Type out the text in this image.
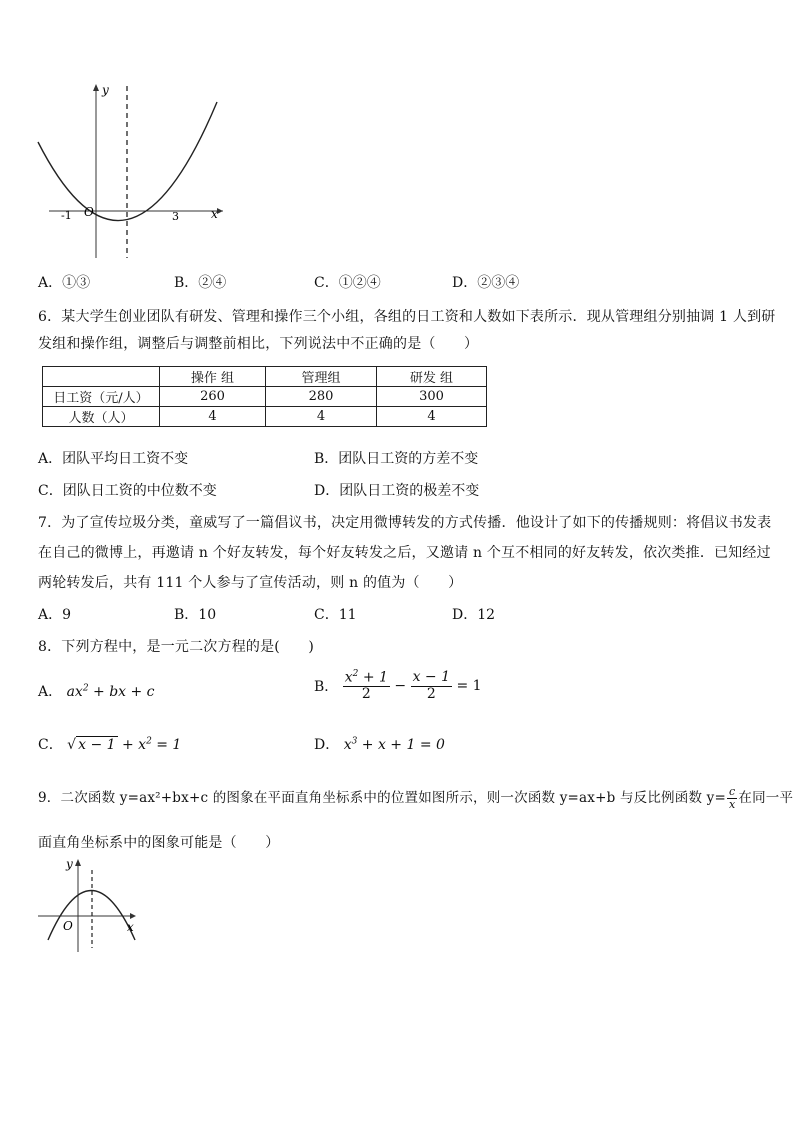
y
x
O
-1	3
A．①③	B．②④	C．①②④	D．②③④
6．某大学生创业团队有研发、管理和操作三个小组，各组的日工资和人数如下表所示．现从管理组分别抽调 1 人到研
发组和操作组，调整后与调整前相比，下列说法中不正确的是（　　）
	操作 组	管理组	研发 组
日工资（元/人）	260	280	300
人数（人）	4	4	4
A．团队平均日工资不变	B．团队日工资的方差不变
C．团队日工资的中位数不变	D．团队日工资的极差不变
7．为了宣传垃圾分类，童威写了一篇倡议书，决定用微博转发的方式传播．他设计了如下的传播规则：将倡议书发表
在自己的微博上，再邀请 n 个好友转发，每个好友转发之后，又邀请 n 个互不相同的好友转发，依次类推．已知经过
两轮转发后，共有 111 个人参与了宣传活动，则 n 的值为（　　）
A．9	B．10	C．11	D．12
8．下列方程中，是一元二次方程的是(　　)
A． $ax^2$ + bx + c	B． $\frac{x^2 + 1}{2} - \frac{x - 1}{2} = 1$
C． √ $x - 1 + x^2 = 1$	D． $x^3 + x + 1 = 0$
9．二次函数 y=ax²+bx+c 的图象在平面直角坐标系中的位置如图所示，则一次函数 y=ax+b 与反比例函数 $y= \frac{c}{x}$ 在同一平
面直角坐标系中的图象可能是（　　）
y
x
O
